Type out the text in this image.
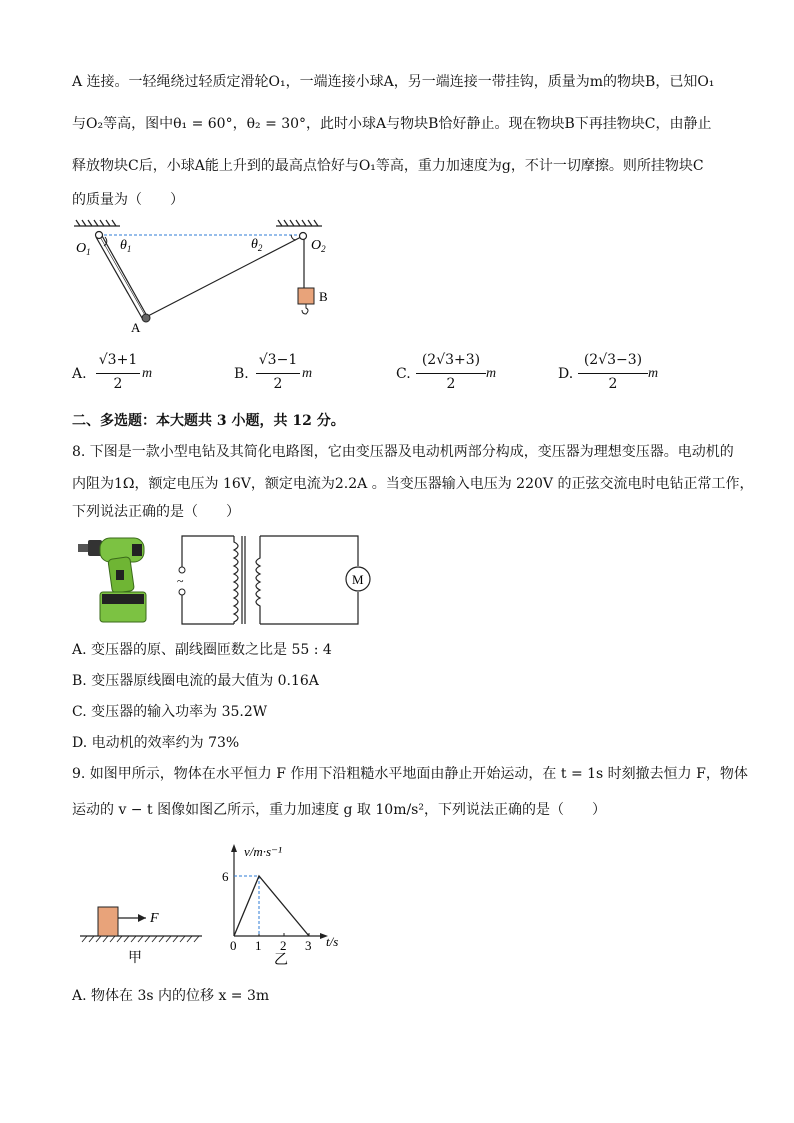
A 连接。一轻绳绕过轻质定滑轮O₁，一端连接小球A，另一端连接一带挂钩，质量为m的物块B，已知O₁
与O₂等高，图中θ₁ = 60°，θ₂ = 30°，此时小球A与物块B恰好静止。现在物块B下再挂物块C，由静止
释放物块C后，小球A能上升到的最高点恰好与O₁等高，重力加速度为g，不计一切摩擦。则所挂物块C
的质量为（　　）
$O_1$ $\theta_1$	$\theta_2$	$O_2$
A
B
A.
√3+1
2
m	B.
√3−1
2
m	C.
(2√3+3)
2
m	D.
(2√3−3)
2
m
二、多选题：本大题共 3 小题，共 12 分。
8. 下图是一款小型电钻及其简化电路图，它由变压器及电动机两部分构成，变压器为理想变压器。电动机的
内阻为1Ω，额定电压为 16V，额定电流为2.2A 。当变压器输入电压为 220V 的正弦交流电时电钻正常工作，
下列说法正确的是（　　）
~	M
A. 变压器的原、副线圈匝数之比是 55 : 4
B. 变压器原线圈电流的最大值为 0.16A
C. 变压器的输入功率为 35.2W
D. 电动机的效率约为 73%
9. 如图甲所示，物体在水平恒力 F 作用下沿粗糙水平地面由静止开始运动，在 t = 1s 时刻撤去恒力 F，物体
运动的 v − t 图像如图乙所示，重力加速度 g 取 10m/s²，下列说法正确的是（　　）
F
甲
v/m·s⁻¹
t/s
6
0 1 2 3
乙
A. 物体在 3s 内的位移 x = 3m
